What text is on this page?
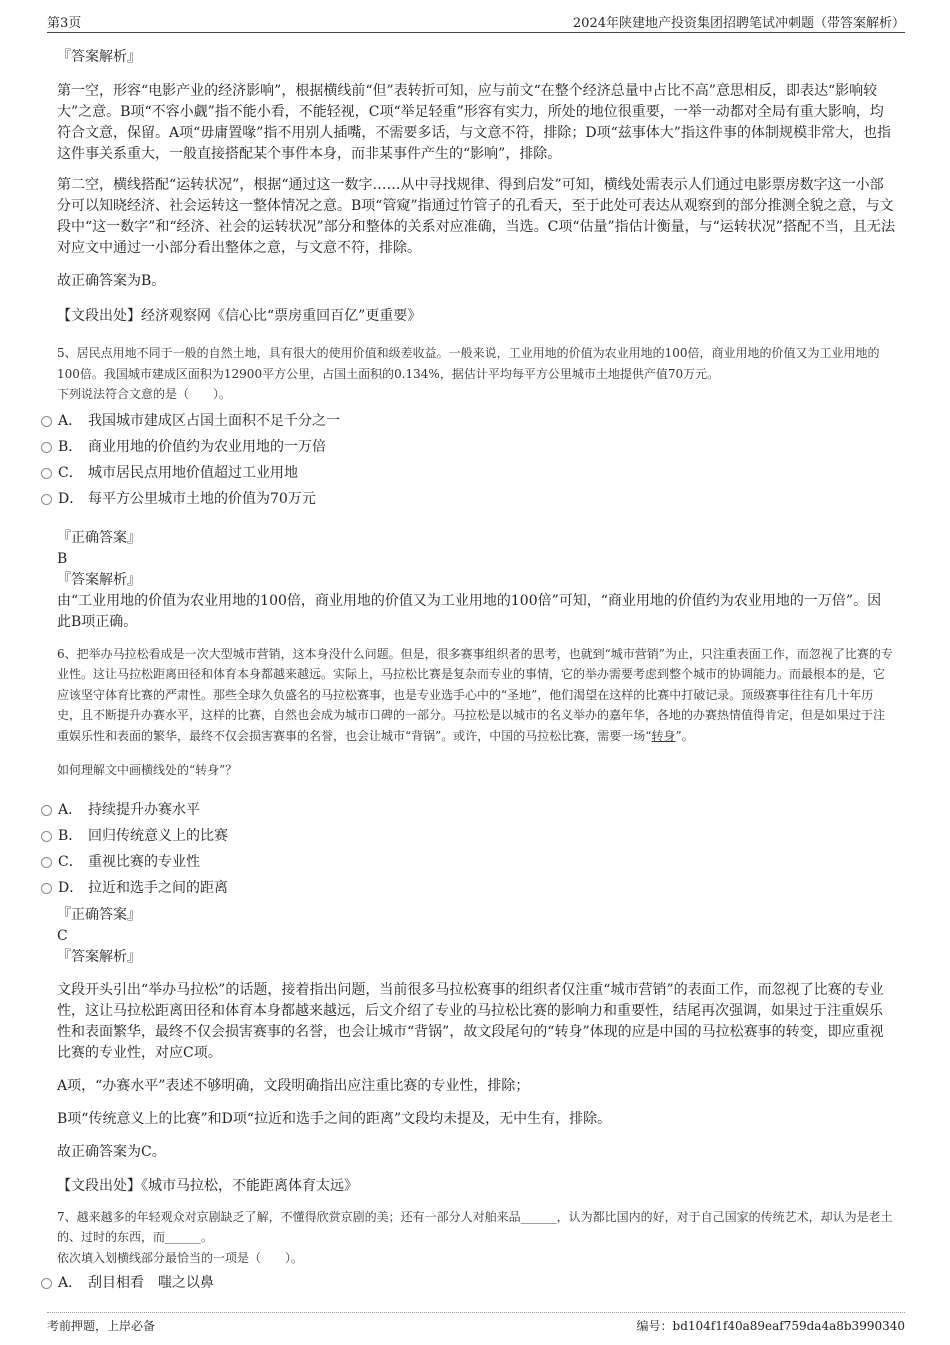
第3页	2024年陕建地产投资集团招聘笔试冲刺题（带答案解析）

『答案解析』

第一空，形容“电影产业的经济影响”，根据横线前“但”表转折可知，应与前文“在整个经济总量中占比不高”意思相反，即表达“影响较大”之意。B项“不容小觑”指不能小看，不能轻视，C项“举足轻重”形容有实力，所处的地位很重要，一举一动都对全局有重大影响，均符合文意，保留。A项“毋庸置喙”指不用别人插嘴，不需要多话，与文意不符，排除；D项“兹事体大”指这件事的体制规模非常大，也指这件事关系重大，一般直接搭配某个事件本身，而非某事件产生的“影响”，排除。

第二空，横线搭配“运转状况”，根据“通过这一数字……从中寻找规律、得到启发”可知，横线处需表示人们通过电影票房数字这一小部分可以知晓经济、社会运转这一整体情况之意。B项“管窥”指通过竹管子的孔看天，至于此处可表达从观察到的部分推测全貌之意，与文段中“这一数字”和“经济、社会的运转状况”部分和整体的关系对应准确，当选。C项“估量”指估计衡量，与“运转状况”搭配不当，且无法对应文中通过一小部分看出整体之意，与文意不符，排除。

故正确答案为B。

【文段出处】经济观察网《信心比“票房重回百亿”更重要》

5、居民点用地不同于一般的自然土地，具有很大的使用价值和级差收益。一般来说，工业用地的价值为农业用地的100倍，商业用地的价值又为工业用地的100倍。我国城市建成区面积为12900平方公里，占国土面积的0.134%，据估计平均每平方公里城市土地提供产值70万元。

下列说法符合文意的是（　　）。

A． 我国城市建成区占国土面积不足千分之一
B． 商业用地的价值约为农业用地的一万倍
C． 城市居民点用地价值超过工业用地
D． 每平方公里城市土地的价值为70万元

『正确答案』

B

『答案解析』

由“工业用地的价值为农业用地的100倍，商业用地的价值又为工业用地的100倍”可知，“商业用地的价值约为农业用地的一万倍”。因此B项正确。

6、把举办马拉松看成是一次大型城市营销，这本身没什么问题。但是，很多赛事组织者的思考，也就到“城市营销”为止，只注重表面工作，而忽视了比赛的专业性。这让马拉松距离田径和体育本身都越来越远。实际上，马拉松比赛是复杂而专业的事情，它的举办需要考虑到整个城市的协调能力。而最根本的是，它应该坚守体育比赛的严肃性。那些全球久负盛名的马拉松赛事，也是专业选手心中的“圣地”，他们渴望在这样的比赛中打破记录。顶级赛事往往有几十年历史，且不断提升办赛水平，这样的比赛，自然也会成为城市口碑的一部分。马拉松是以城市的名义举办的嘉年华，各地的办赛热情值得肯定，但是如果过于注重娱乐性和表面的繁华，最终不仅会损害赛事的名誉，也会让城市“背锅”。或许，中国的马拉松比赛，需要一场“转身”。

如何理解文中画横线处的“转身”？

A． 持续提升办赛水平
B． 回归传统意义上的比赛
C． 重视比赛的专业性
D． 拉近和选手之间的距离

『正确答案』

C

『答案解析』

文段开头引出“举办马拉松”的话题，接着指出问题，当前很多马拉松赛事的组织者仅注重“城市营销”的表面工作，而忽视了比赛的专业性，这让马拉松距离田径和体育本身都越来越远，后文介绍了专业的马拉松比赛的影响力和重要性，结尾再次强调，如果过于注重娱乐性和表面繁华，最终不仅会损害赛事的名誉，也会让城市“背锅”，故文段尾句的“转身”体现的应是中国的马拉松赛事的转变，即应重视比赛的专业性，对应C项。

A项，“办赛水平”表述不够明确，文段明确指出应注重比赛的专业性，排除；

B项“传统意义上的比赛”和D项“拉近和选手之间的距离”文段均未提及，无中生有，排除。

故正确答案为C。

【文段出处】《城市马拉松，不能距离体育太远》

7、越来越多的年轻观众对京剧缺乏了解，不懂得欣赏京剧的美；还有一部分人对舶来品______，认为都比国内的好，对于自己国家的传统艺术，却认为是老土的、过时的东西，而______。

依次填入划横线部分最恰当的一项是（　　）。

A． 刮目相看　嗤之以鼻
考前押题，上岸必备	编号：bd104f1f40a89eaf759da4a8b3990340
